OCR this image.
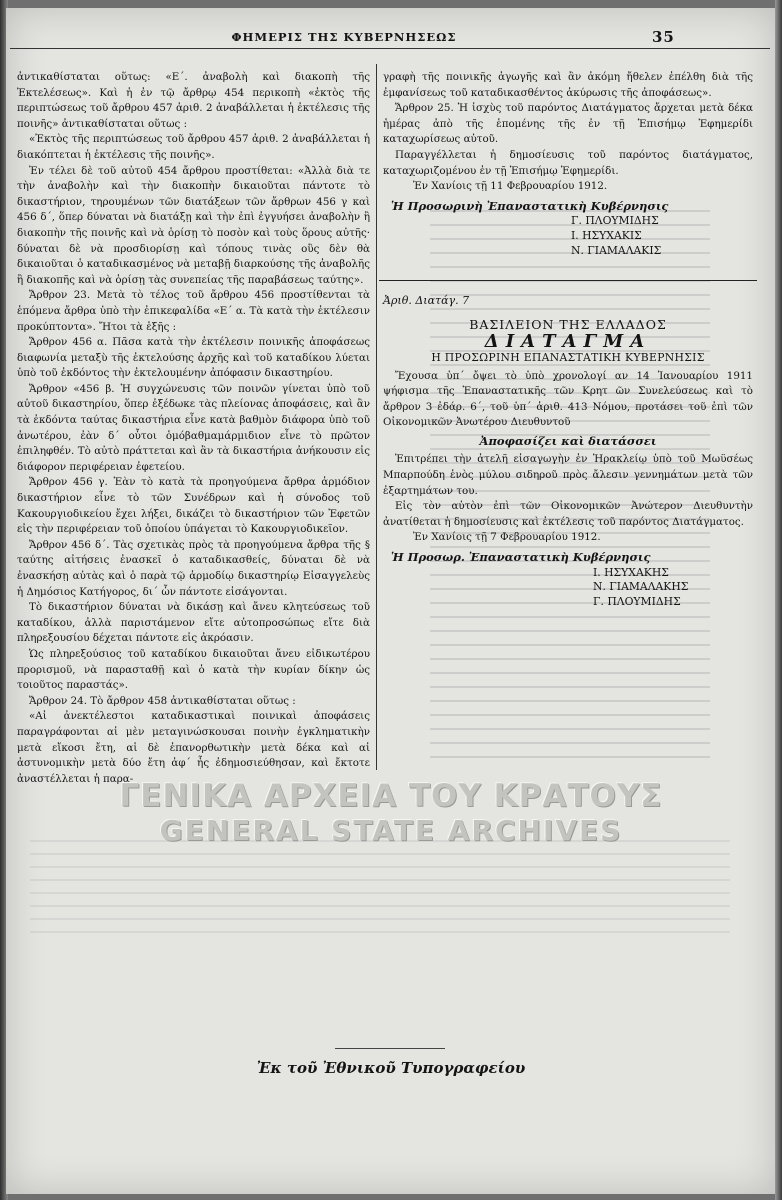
ΦΗΜΕΡΙΣ ΤΗΣ ΚΥΒΕΡΝΗΣΕΩΣ	35

ἀντικαθίσταται οὕτως: «Ε΄. ἀναβολὴ καὶ διακοπὴ τῆς Ἐκτελέσεως». Καὶ ἡ ἐν τῷ ἄρθρῳ 454 περικοπὴ «ἐκτὸς τῆς περιπτώσεως τοῦ ἄρθρου 457 ἀριθ. 2 ἀναβάλλεται ἡ ἐκτέλεσις τῆς ποινῆς» ἀντικαθίσταται οὕτως :

«Ἐκτὸς τῆς περιπτώσεως τοῦ ἄρθρου 457 ἀριθ. 2 ἀναβάλλεται ἡ διακόπτεται ἡ ἐκτέλεσις τῆς ποινῆς».

Ἐν τέλει δὲ τοῦ αὐτοῦ 454 ἄρθρου προστίθεται: «Ἀλλὰ διὰ τε τὴν ἀναβολὴν καὶ τὴν διακοπὴν δικαιοῦται πάντοτε τὸ δικαστήριον, τηρουμένων τῶν διατάξεων τῶν ἄρθρων 456 γ καὶ 456 δ΄, ὅπερ δύναται νὰ διατάξῃ καὶ τὴν ἐπὶ ἐγγυήσει ἀναβολὴν ἢ διακοπὴν τῆς ποινῆς καὶ νὰ ὁρίσῃ τὸ ποσὸν καὶ τοὺς ὅρους αὐτῆς· δύναται δὲ νὰ προσδιορίσῃ καὶ τόπους τινὰς οὓς δὲν θὰ δικαιοῦται ὁ καταδικασμένος νὰ μεταβῇ διαρκούσης τῆς ἀναβολῆς ἢ διακοπῆς καὶ νὰ ὁρίσῃ τὰς συνεπείας τῆς παραβάσεως ταύτης».

Ἄρθρον 23. Μετὰ τὸ τέλος τοῦ ἄρθρου 456 προστίθενται τὰ ἑπόμενα ἄρθρα ὑπὸ τὴν ἐπικεφαλίδα «Ε΄ α. Τὰ κατὰ τὴν ἐκτέλεσιν προκύπτοντα». Ἤτοι τὰ ἑξῆς :

Ἄρθρον 456 α. Πᾶσα κατὰ τὴν ἐκτέλεσιν ποινικῆς ἀποφάσεως διαφωνία μεταξὺ τῆς ἐκτελούσης ἀρχῆς καὶ τοῦ καταδίκου λύεται ὑπὸ τοῦ ἐκδόντος τὴν ἐκτελουμένην ἀπόφασιν δικαστηρίου.

Ἄρθρον «456 β. Ἡ συγχώνευσις τῶν ποινῶν γίνεται ὑπὸ τοῦ αὐτοῦ δικαστηρίου, ὅπερ ἐξέδωκε τὰς πλείονας ἀποφάσεις, καὶ ἂν τὰ ἐκδόντα ταύτας δικαστήρια εἶνε κατὰ βαθμὸν διάφορα ὑπὸ τοῦ ἀνωτέρου, ἐὰν δ΄ οὗτοι ὁμόβαθμαμάρμιδιον εἶνε τὸ πρῶτον ἐπιληφθέν. Τὸ αὐτὸ πράττεται καὶ ἂν τὰ δικαστήρια ἀνήκουσιν εἰς διάφορον περιφέρειαν ἐφετείου.

Ἄρθρον 456 γ. Ἐὰν τὸ κατὰ τὰ προηγούμενα ἄρθρα ἁρμόδιον δικαστήριον εἶνε τὸ τῶν Συνέδρων καὶ ἡ σύνοδος τοῦ Κακουργιοδικείου ἔχει λήξει, δικάζει τὸ δικαστήριον τῶν Ἐφετῶν εἰς τὴν περιφέρειαν τοῦ ὁποίου ὑπάγεται τὸ Κακουργιοδικεῖον.

Ἄρθρον 456 δ΄. Τὰς σχετικὰς πρὸς τὰ προηγούμενα ἄρθρα τῆς § ταύτης αἰτήσεις ἐνασκεῖ ὁ καταδικασθείς, δύναται δὲ νὰ ἐνασκήσῃ αὐτὰς καὶ ὁ παρὰ τῷ ἁρμοδίῳ δικαστηρίῳ Εἰσαγγελεὺς ἡ Δημόσιος Κατήγορος, δι΄ ὧν πάντοτε εἰσάγονται.

Τὸ δικαστήριον δύναται νὰ δικάσῃ καὶ ἄνευ κλητεύσεως τοῦ καταδίκου, ἀλλὰ παριστάμενον εἴτε αὐτοπροσώπως εἴτε διὰ πληρεξουσίου δέχεται πάντοτε εἰς ἀκρόασιν.

Ὡς πληρεξούσιος τοῦ καταδίκου δικαιοῦται ἄνευ εἰδικωτέρου προρισμοῦ, νὰ παρασταθῇ καὶ ὁ κατὰ τὴν κυρίαν δίκην ὡς τοιοῦτος παραστάς».

Ἄρθρον 24. Τὸ ἄρθρον 458 ἀντικαθίσταται οὕτως :

«Αἱ ἀνεκτέλεστοι καταδικαστικαὶ ποινικαὶ ἀποφάσεις παραγράφονται αἱ μὲν μεταγινώσκουσαι ποινὴν ἐγκληματικὴν μετὰ εἴκοσι ἔτη, αἱ δὲ ἐπανορθωτικὴν μετὰ δέκα καὶ αἱ ἀστυνομικὴν μετὰ δύο ἔτη ἀφ΄ ἧς ἐδημοσιεύθησαν, καὶ ἔκτοτε ἀναστέλλεται ἡ παρα-

γραφὴ τῆς ποινικῆς ἀγωγῆς καὶ ἂν ἀκόμη ἤθελεν ἐπέλθη διὰ τῆς ἐμφανίσεως τοῦ καταδικασθέντος ἀκύρωσις τῆς ἀποφάσεως».

Ἄρθρον 25. Ἡ ἰσχὺς τοῦ παρόντος Διατάγματος ἄρχεται μετὰ δέκα ἡμέρας ἀπὸ τῆς ἑπομένης τῆς ἐν τῇ Ἐπισήμῳ Ἐφημερίδι καταχωρίσεως αὐτοῦ.

Παραγγέλλεται ἡ δημοσίευσις τοῦ παρόντος διατάγματος, καταχωριζομένου ἐν τῇ Ἐπισήμῳ Ἐφημερίδι.

Ἐν Χανίοις τῇ 11 Φεβρουαρίου 1912.

Ἡ Προσωρινὴ Ἐπαναστατικὴ Κυβέρνησις

Γ. ΠΛΟΥΜΙΔΗΣ
Ι. ΗΣΥΧΑΚΙΣ
Ν. ΓΙΑΜΑΛΑΚΙΣ

Ἀριθ. Διατάγ. 7

ΒΑΣΙΛΕΙΟΝ ΤΗΣ ΕΛΛΑΔΟΣ

ΔΙΑΤΑΓΜΑ

Η ΠΡΟΣΩΡΙΝΗ ΕΠΑΝΑΣΤΑΤΙΚΗ ΚΥΒΕΡΝΗΣΙΣ

Ἔχουσα ὑπ΄ ὄψει τὸ ὑπὸ χρονολογί αν 14 Ἰανουαρίου 1911 ψήφισμα τῆς Ἐπαναστατικῆς τῶν Κρητ ῶν Συνελεύσεως καὶ τὸ ἄρθρον 3 ἐδάρ. 6΄, τοῦ ὑπ΄ ἀριθ. 413 Νόμου, προτάσει τοῦ ἐπὶ τῶν Οἰκονομικῶν Ἀνωτέρου Διευθυντοῦ

Ἀποφασίζει καὶ διατάσσει

Ἐπιτρέπει τὴν ἀτελῆ εἰσαγωγὴν ἐν Ἡρακλείῳ ὑπὸ τοῦ Μωϋσέως Μπαρπούδη ἑνὸς μύλου σιδηροῦ πρὸς ἄλεσιν γεννημάτων μετὰ τῶν ἐξαρτημάτων του.

Εἰς τὸν αὐτὸν ἐπὶ τῶν Οἰκονομικῶν Ἀνώτερον Διευθυντὴν ἀνατίθεται ἡ δημοσίευσις καὶ ἐκτέλεσις τοῦ παρόντος Διατάγματος.

Ἐν Χανίοις τῇ 7 Φεβρουαρίου 1912.

Ἡ Προσωρ. Ἐπαναστατικὴ Κυβέρνησις

Ι. ΗΣΥΧΑΚΗΣ
Ν. ΓΙΑΜΑΛΑΚΗΣ
Γ. ΠΛΟΥΜΙΔΗΣ
ΓΕΝΙΚΑ ΑΡΧΕΙΑ ΤΟΥ ΚΡΑΤΟΥΣ
GENERAL STATE ARCHIVES
Ἐκ τοῦ Ἐθνικοῦ Τυπογραφείου
